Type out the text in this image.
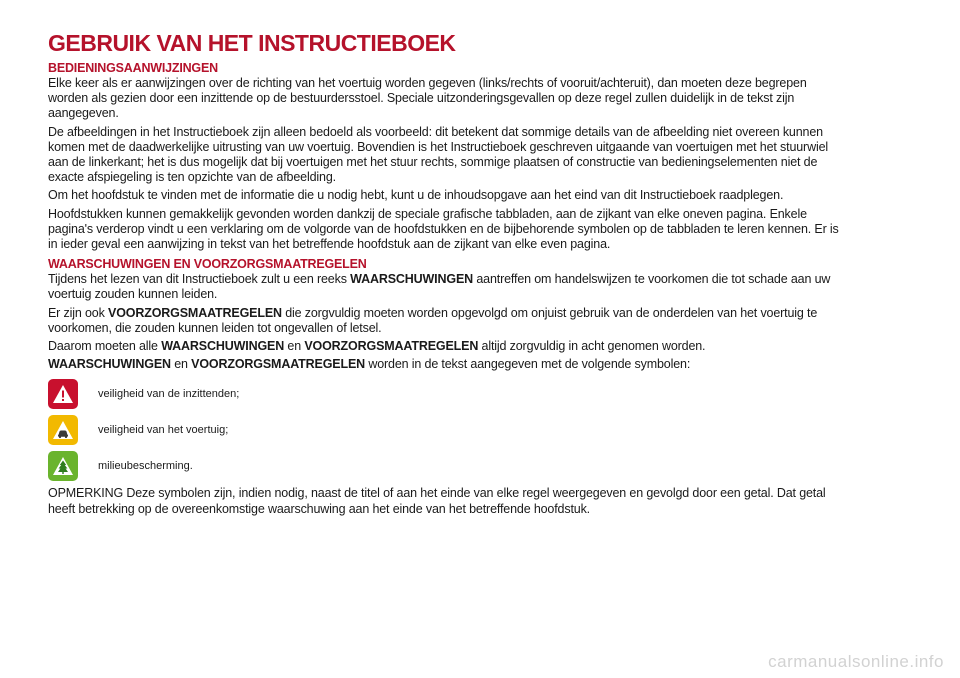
GEBRUIK VAN HET INSTRUCTIEBOEK
BEDIENINGSAANWIJZINGEN

Elke keer als er aanwijzingen over de richting van het voertuig worden gegeven (links/rechts of vooruit/achteruit), dan moeten deze begrepen worden als gezien door een inzittende op de bestuurdersstoel. Speciale uitzonderingsgevallen op deze regel zullen duidelijk in de tekst zijn aangegeven.

De afbeeldingen in het Instructieboek zijn alleen bedoeld als voorbeeld: dit betekent dat sommige details van de afbeelding niet overeen kunnen komen met de daadwerkelijke uitrusting van uw voertuig. Bovendien is het Instructieboek geschreven uitgaande van voertuigen met het stuurwiel aan de linkerkant; het is dus mogelijk dat bij voertuigen met het stuur rechts, sommige plaatsen of constructie van bedieningselementen niet de exacte afspiegeling is ten opzichte van de afbeelding.

Om het hoofdstuk te vinden met de informatie die u nodig hebt, kunt u de inhoudsopgave aan het eind van dit Instructieboek raadplegen.

Hoofdstukken kunnen gemakkelijk gevonden worden dankzij de speciale grafische tabbladen, aan de zijkant van elke oneven pagina. Enkele pagina's verderop vindt u een verklaring om de volgorde van de hoofdstukken en de bijbehorende symbolen op de tabbladen te leren kennen. Er is in ieder geval een aanwijzing in tekst van het betreffende hoofdstuk aan de zijkant van elke even pagina.

WAARSCHUWINGEN EN VOORZORGSMAATREGELEN

Tijdens het lezen van dit Instructieboek zult u een reeks WAARSCHUWINGEN aantreffen om handelswijzen te voorkomen die tot schade aan uw voertuig zouden kunnen leiden.

Er zijn ook VOORZORGSMAATREGELEN die zorgvuldig moeten worden opgevolgd om onjuist gebruik van de onderdelen van het voertuig te voorkomen, die zouden kunnen leiden tot ongevallen of letsel.

Daarom moeten alle WAARSCHUWINGEN en VOORZORGSMAATREGELEN altijd zorgvuldig in acht genomen worden.

WAARSCHUWINGEN en VOORZORGSMAATREGELEN worden in de tekst aangegeven met de volgende symbolen:

veiligheid van de inzittenden;
veiligheid van het voertuig;
milieubescherming.

OPMERKING Deze symbolen zijn, indien nodig, naast de titel of aan het einde van elke regel weergegeven en gevolgd door een getal. Dat getal heeft betrekking op de overeenkomstige waarschuwing aan het einde van het betreffende hoofdstuk.

carmanualsonline.info
